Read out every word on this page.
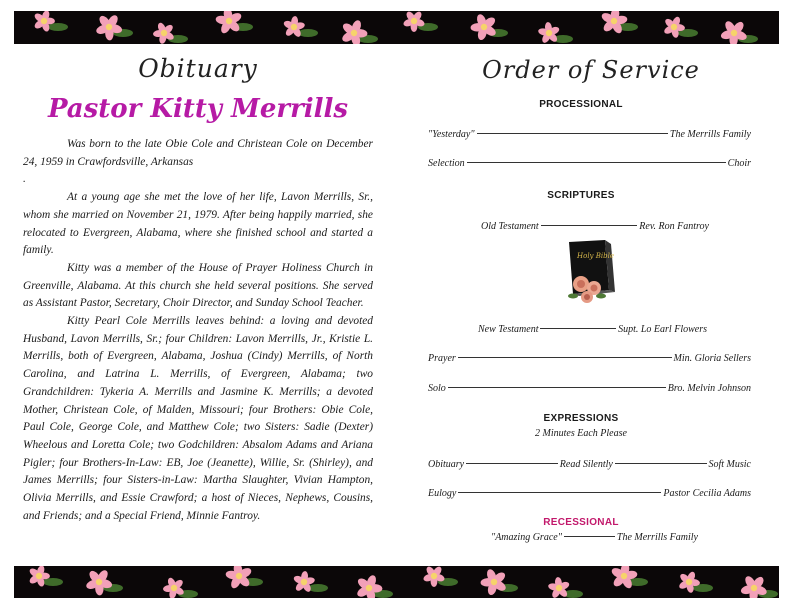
Obituary
Pastor Kitty Merrills

Was born to the late Obie Cole and Christean Cole on December 24, 1959 in Crawfordsville, Arkansas

.

At a young age she met the love of her life, Lavon Merrills, Sr., whom she married on November 21, 1979. After being happily married, she relocated to Evergreen, Alabama, where she finished school and started a family.

Kitty was a member of the House of Prayer Holiness Church in Greenville, Alabama. At this church she held several positions. She served as Assistant Pastor, Secretary, Choir Director, and Sunday School Teacher.

Kitty Pearl Cole Merrills leaves behind: a loving and devoted Husband, Lavon Merrills, Sr.; four Children: Lavon Merrills, Jr., Kristie L. Merrills, both of Evergreen, Alabama, Joshua (Cindy) Merrills, of North Carolina, and Latrina L. Merrills, of Evergreen, Alabama; two Grandchildren: Tykeria A. Merrills and Jasmine K. Merrills; a devoted Mother, Christean Cole, of Malden, Missouri; four Brothers: Obie Cole, Paul Cole, George Cole, and Matthew Cole; two Sisters: Sadie (Dexter) Wheelous and Loretta Cole; two Godchildren: Absalom Adams and Ariana Pigler; four Brothers-In-Law: EB, Joe (Jeanette), Willie, Sr. (Shirley), and James Merrills; four Sisters-in-Law: Martha Slaughter, Vivian Hampton, Olivia Merrills, and Essie Crawford; a host of Nieces, Nephews, Cousins, and Friends; and a Special Friend, Minnie Fantroy.

Order of Service
PROCESSIONAL
"Yesterday"	The Merrills Family
Selection	Choir
SCRIPTURES
Old Testament	Rev. Ron Fantroy
Holy Bible
New Testament	Supt. Lo Earl Flowers
Prayer	Min. Gloria Sellers
Solo	Bro. Melvin Johnson
EXPRESSIONS
2 Minutes Each Please
Obituary	Read Silently	Soft Music
Eulogy	Pastor Cecilia Adams
RECESSIONAL
"Amazing Grace"	The Merrills Family
